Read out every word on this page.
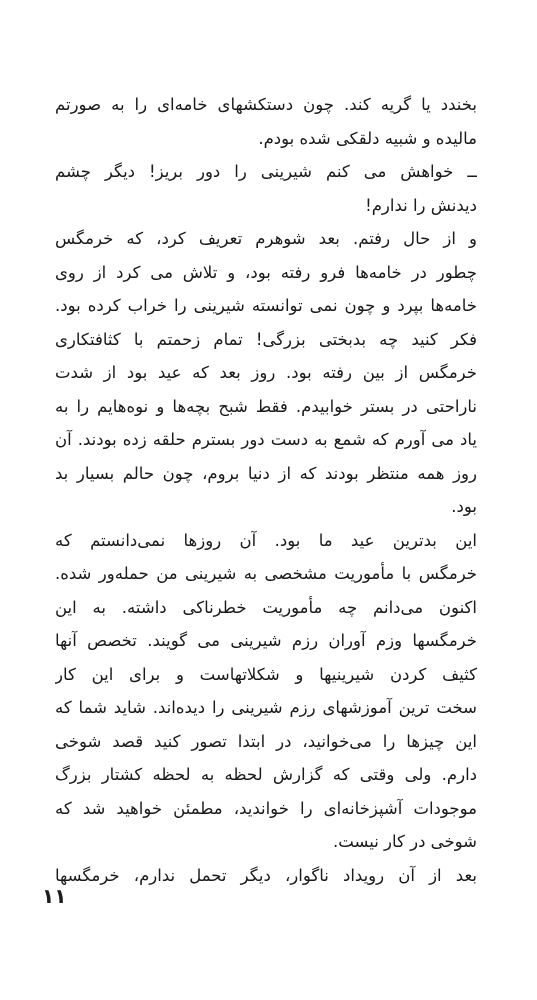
بخندد یا گریه کند. چون دستکشهای خامه‌ای را به صورتم
مالیده و شبیه دلقکی شده بودم.
ــ خواهش می کنم شیرینی را دور بریز! دیگر چشم
دیدنش را ندارم!
و از حال رفتم. بعد شوهرم تعریف کرد، که خرمگس
چطور در خامه‌ها فرو رفته بود، و تلاش می کرد از روی
خامه‌ها بپرد و چون نمی توانسته شیرینی را خراب کرده بود.
فکر کنید چه بدبختی بزرگی! تمام زحمتم با کثافتکاری
خرمگس از بین رفته بود. روز بعد که عید بود از شدت
ناراحتی در بستر خوابیدم. فقط شبح بچه‌ها و نوه‌هایم را به
یاد می آورم که شمع به دست دور بسترم حلقه زده بودند. آن
روز همه منتظر بودند که از دنیا بروم، چون حالم بسیار بد
بود.
این بدترین عید ما بود. آن روزها نمی‌دانستم که
خرمگس با مأموریت مشخصی به شیرینی من حمله‌ور شده.
اکنون می‌دانم چه مأموریت خطرناکی داشته. به این
خرمگسها وزم آوران رزم شیرینی می گویند. تخصص آنها
کثیف کردن شیرینیها و شکلاتهاست و برای این کار
سخت ترین آموزشهای رزم شیرینی را دیده‌اند. شاید شما که
این چیزها را می‌خوانید، در ابتدا تصور کنید قصد شوخی
دارم. ولی وقتی که گزارش لحظه به لحظه کشتار بزرگ
موجودات آشپزخانه‌ای را خواندید، مطمئن خواهید شد که
شوخی در کار نیست.
بعد از آن رویداد ناگوار، دیگر تحمل ندارم، خرمگسها
۱۱
